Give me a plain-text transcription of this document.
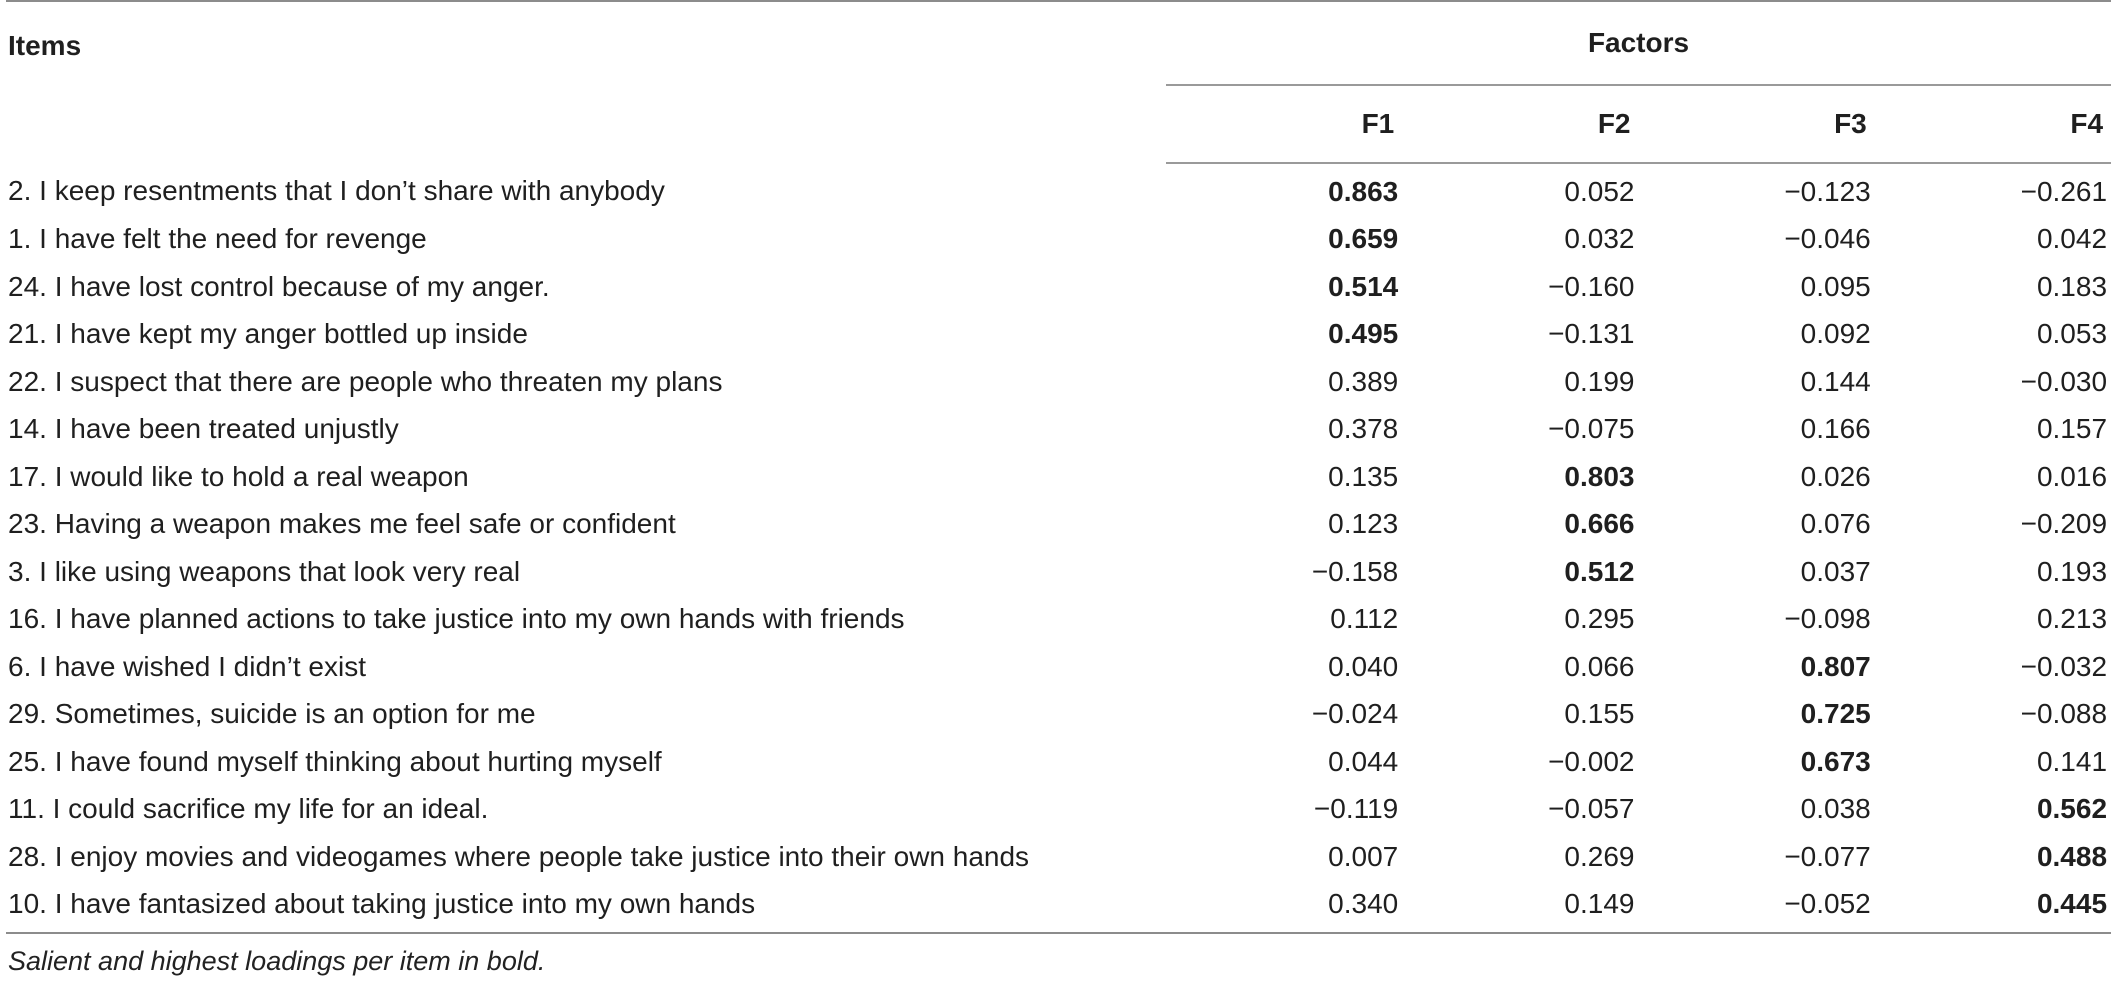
Items	Factors			
	F1	F2	F3	F4
2. I keep resentments that I don’t share with anybody	0.863	0.052	−0.123	−0.261
1. I have felt the need for revenge	0.659	0.032	−0.046	0.042
24. I have lost control because of my anger.	0.514	−0.160	0.095	0.183
21. I have kept my anger bottled up inside	0.495	−0.131	0.092	0.053
22. I suspect that there are people who threaten my plans	0.389	0.199	0.144	−0.030
14. I have been treated unjustly	0.378	−0.075	0.166	0.157
17. I would like to hold a real weapon	0.135	0.803	0.026	0.016
23. Having a weapon makes me feel safe or confident	0.123	0.666	0.076	−0.209
3. I like using weapons that look very real	−0.158	0.512	0.037	0.193
16. I have planned actions to take justice into my own hands with friends	0.112	0.295	−0.098	0.213
6. I have wished I didn’t exist	0.040	0.066	0.807	−0.032
29. Sometimes, suicide is an option for me	−0.024	0.155	0.725	−0.088
25. I have found myself thinking about hurting myself	0.044	−0.002	0.673	0.141
11. I could sacrifice my life for an ideal.	−0.119	−0.057	0.038	0.562
28. I enjoy movies and videogames where people take justice into their own hands	0.007	0.269	−0.077	0.488
10. I have fantasized about taking justice into my own hands	0.340	0.149	−0.052	0.445
Salient and highest loadings per item in bold.
